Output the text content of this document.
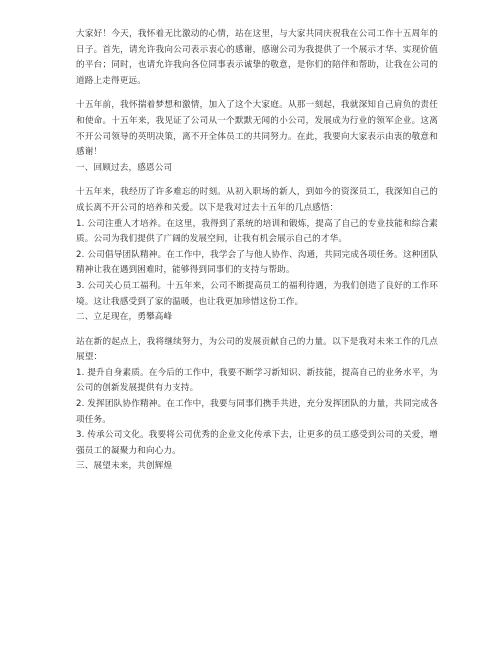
大家好！今天，我怀着无比激动的心情，站在这里，与大家共同庆祝我在公司工作十五周年的日子。首先，请允许我向公司表示衷心的感谢，感谢公司为我提供了一个展示才华、实现价值的平台；同时，也请允许我向各位同事表示诚挚的敬意，是你们的陪伴和帮助，让我在公司的道路上走得更远。

十五年前，我怀揣着梦想和激情，加入了这个大家庭。从那一刻起，我就深知自己肩负的责任和使命。十五年来，我见证了公司从一个默默无闻的小公司，发展成为行业的领军企业。这离不开公司领导的英明决策，离不开全体员工的共同努力。在此，我要向大家表示由衷的敬意和感谢！

一、回顾过去，感恩公司

十五年来，我经历了许多难忘的时刻。从初入职场的新人，到如今的资深员工，我深知自己的成长离不开公司的培养和关爱。以下是我对过去十五年的几点感悟：

1. 公司注重人才培养。在这里，我得到了系统的培训和锻炼，提高了自己的专业技能和综合素质。公司为我们提供了广阔的发展空间，让我有机会展示自己的才华。

2. 公司倡导团队精神。在工作中，我学会了与他人协作、沟通，共同完成各项任务。这种团队精神让我在遇到困难时，能够得到同事们的支持与帮助。

3. 公司关心员工福利。十五年来，公司不断提高员工的福利待遇，为我们创造了良好的工作环境。这让我感受到了家的温暖，也让我更加珍惜这份工作。

二、立足现在，勇攀高峰

站在新的起点上，我将继续努力，为公司的发展贡献自己的力量。以下是我对未来工作的几点展望：

1. 提升自身素质。在今后的工作中，我要不断学习新知识、新技能，提高自己的业务水平，为公司的创新发展提供有力支持。

2. 发挥团队协作精神。在工作中，我要与同事们携手共进，充分发挥团队的力量，共同完成各项任务。

3. 传承公司文化。我要将公司优秀的企业文化传承下去，让更多的员工感受到公司的关爱，增强员工的凝聚力和向心力。

三、展望未来，共创辉煌
